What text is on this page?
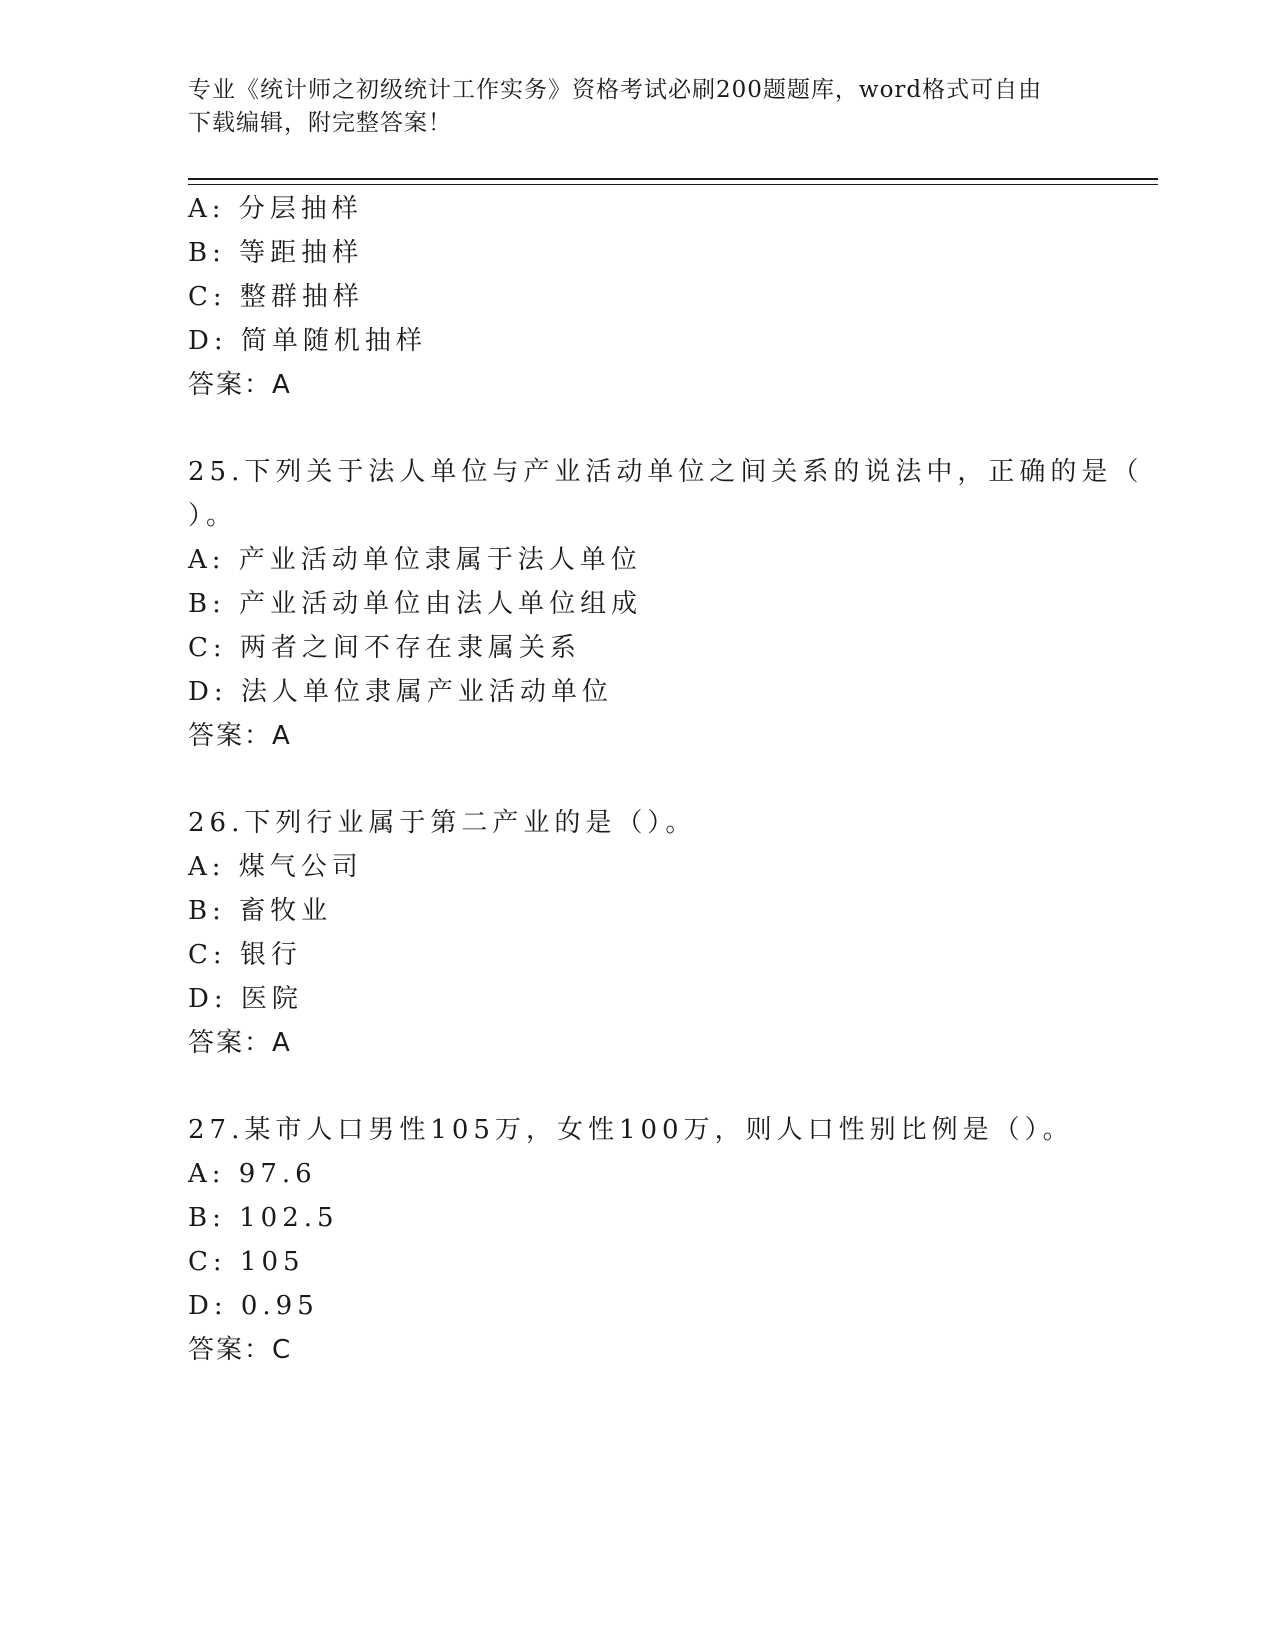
专业《统计师之初级统计工作实务》资格考试必刷200题题库，word格式可自由
下载编辑，附完整答案！
A: 分层抽样
B: 等距抽样
C: 整群抽样
D: 简单随机抽样
答案：A
25.下列关于法人单位与产业活动单位之间关系的说法中，正确的是（
）。
A: 产业活动单位隶属于法人单位
B: 产业活动单位由法人单位组成
C: 两者之间不存在隶属关系
D: 法人单位隶属产业活动单位
答案：A
26.下列行业属于第二产业的是（）。
A: 煤气公司
B: 畜牧业
C: 银行
D: 医院
答案：A
27.某市人口男性105万，女性100万，则人口性别比例是（）。
A: 97.6
B: 102.5
C: 105
D: 0.95
答案：C
